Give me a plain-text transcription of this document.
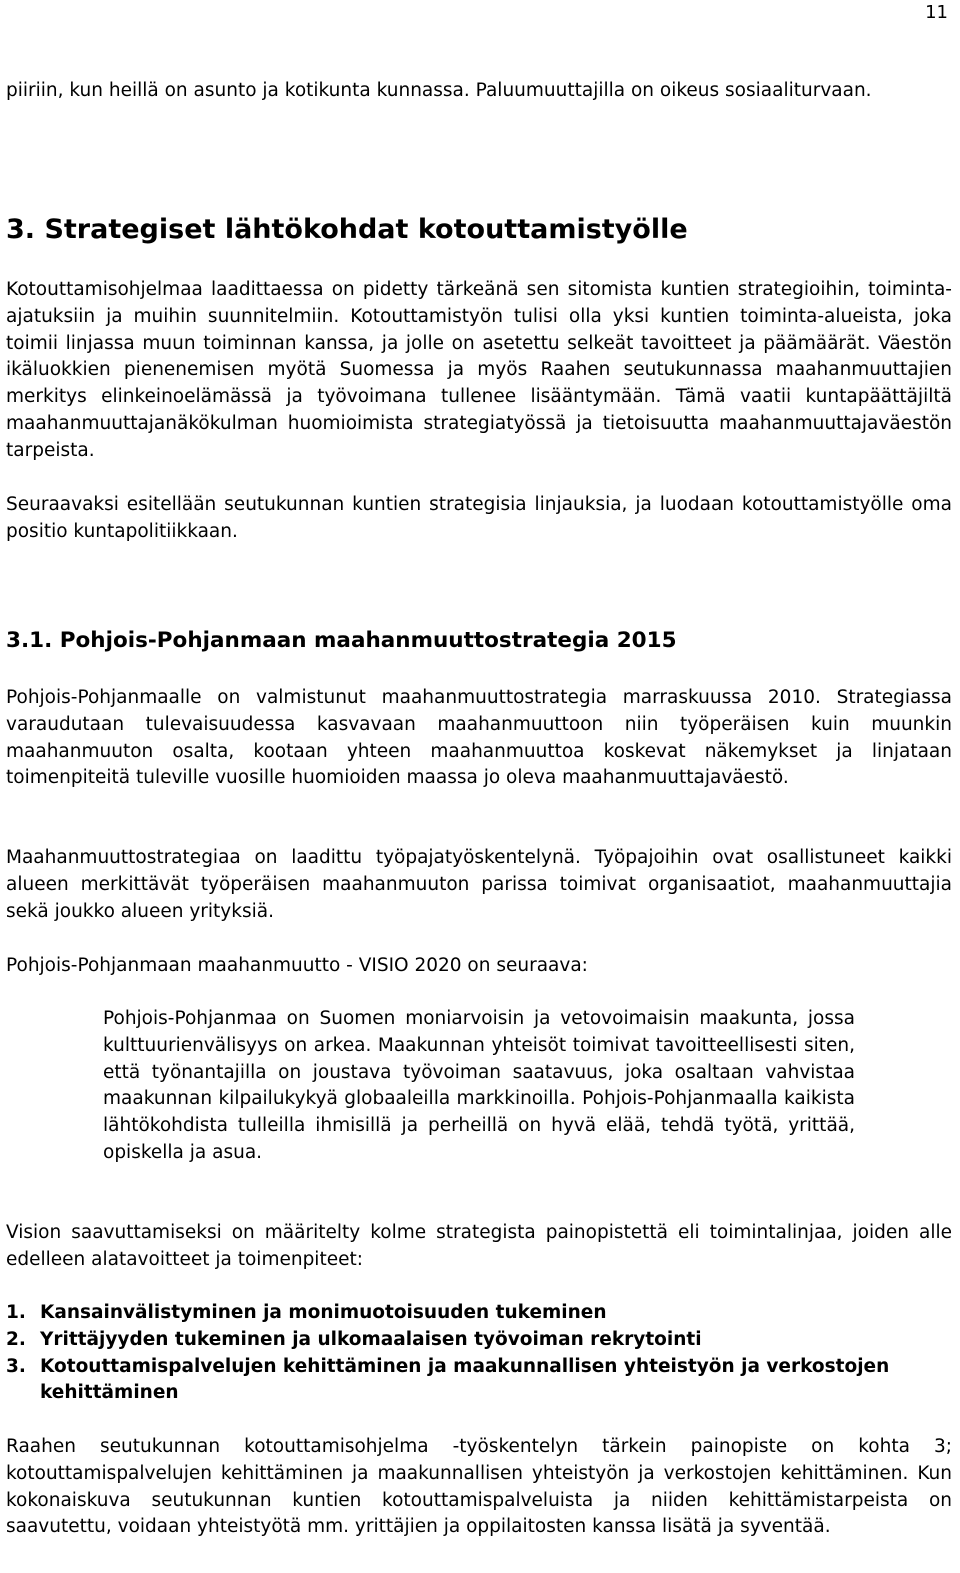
11

piiriin, kun heillä on asunto ja kotikunta kunnassa. Paluumuuttajilla on oikeus sosiaaliturvaan.

3. Strategiset lähtökohdat kotouttamistyölle

Kotouttamisohjelmaa laadittaessa on pidetty tärkeänä sen sitomista kuntien strategioihin, toiminta-ajatuksiin ja muihin suunnitelmiin. Kotouttamistyön tulisi olla yksi kuntien toiminta-alueista, joka toimii linjassa muun toiminnan kanssa, ja jolle on asetettu selkeät tavoitteet ja päämäärät. Väestön ikäluokkien pienenemisen myötä Suomessa ja myös Raahen seutukunnassa maahanmuuttajien merkitys elinkeinoelämässä ja työvoimana tullenee lisääntymään. Tämä vaatii kuntapäättäjiltä maahanmuuttajanäkökulman huomioimista strategiatyössä ja tietoisuutta maahanmuuttajaväestön tarpeista.

Seuraavaksi esitellään seutukunnan kuntien strategisia linjauksia, ja luodaan kotouttamistyölle oma positio kuntapolitiikkaan.

3.1. Pohjois-Pohjanmaan maahanmuuttostrategia 2015

Pohjois-Pohjanmaalle on valmistunut maahanmuuttostrategia marraskuussa 2010. Strategiassa varaudutaan tulevaisuudessa kasvavaan maahanmuuttoon niin työperäisen kuin muunkin maahanmuuton osalta, kootaan yhteen maahanmuuttoa koskevat näkemykset ja linjataan toimenpiteitä tuleville vuosille huomioiden maassa jo oleva maahanmuuttajaväestö.

Maahanmuuttostrategiaa on laadittu työpajatyöskentelynä. Työpajoihin ovat osallistuneet kaikki alueen merkittävät työperäisen maahanmuuton parissa toimivat organisaatiot, maahanmuuttajia sekä joukko alueen yrityksiä.

Pohjois-Pohjanmaan maahanmuutto - VISIO 2020 on seuraava:

Pohjois-Pohjanmaa on Suomen moniarvoisin ja vetovoimaisin maakunta, jossa kulttuurienvälisyys on arkea. Maakunnan yhteisöt toimivat tavoitteellisesti siten, että työnantajilla on joustava työvoiman saatavuus, joka osaltaan vahvistaa maakunnan kilpailukykyä globaaleilla markkinoilla. Pohjois-Pohjanmaalla kaikista lähtökohdista tulleilla ihmisillä ja perheillä on hyvä elää, tehdä työtä, yrittää, opiskella ja asua.

Vision saavuttamiseksi on määritelty kolme strategista painopistettä eli toimintalinjaa, joiden alle edelleen alatavoitteet ja toimenpiteet:

1. Kansainvälistyminen ja monimuotoisuuden tukeminen
2. Yrittäjyyden tukeminen ja ulkomaalaisen työvoiman rekrytointi
3. Kotouttamispalvelujen kehittäminen ja maakunnallisen yhteistyön ja verkostojen kehittäminen

Raahen seutukunnan kotouttamisohjelma -työskentelyn tärkein painopiste on kohta 3; kotouttamispalvelujen kehittäminen ja maakunnallisen yhteistyön ja verkostojen kehittäminen. Kun kokonaiskuva seutukunnan kuntien kotouttamispalveluista ja niiden kehittämistarpeista on saavutettu, voidaan yhteistyötä mm. yrittäjien ja oppilaitosten kanssa lisätä ja syventää.
